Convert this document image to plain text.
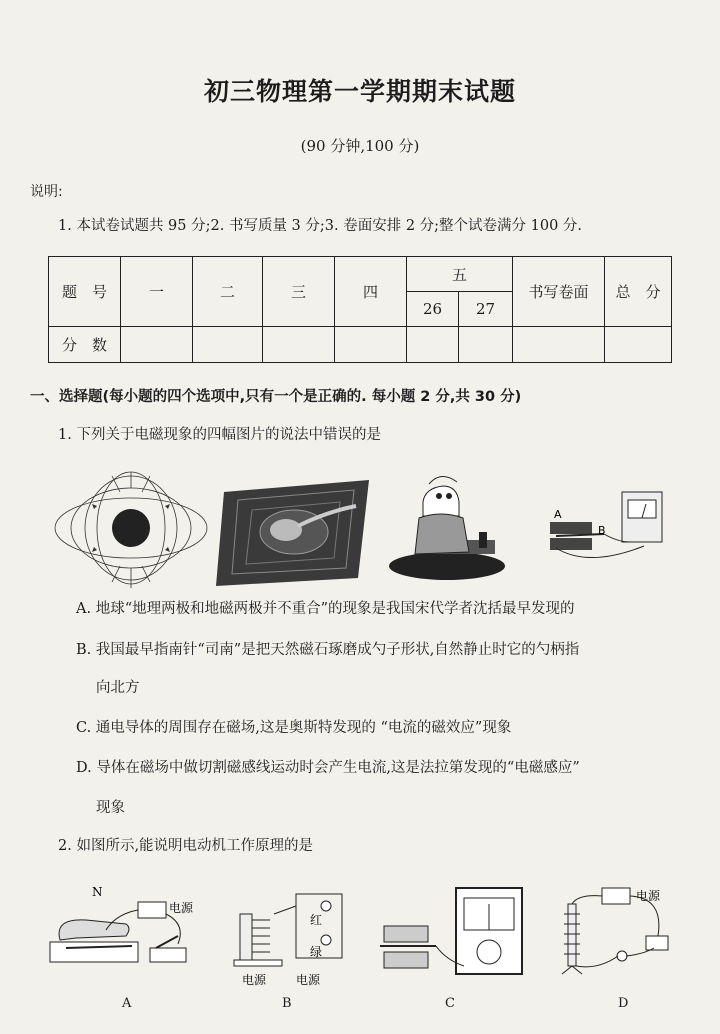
初三物理第一学期期末试题
(90 分钟,100 分)
说明:
1. 本试卷试题共 95 分;2. 书写质量 3 分;3. 卷面安排 2 分;整个试卷满分 100 分.
题　号	一	二	三	四	五		书写卷面	总　分
					26	27		
分　数								
一、选择题(每小题的四个选项中,只有一个是正确的. 每小题 2 分,共 30 分)
1. 下列关于电磁现象的四幅图片的说法中错误的是
B
A
A. 地球“地理两极和地磁两极并不重合”的现象是我国宋代学者沈括最早发现的
B. 我国最早指南针“司南”是把天然磁石琢磨成勺子形状,自然静止时它的勺柄指
向北方
C. 通电导体的周围存在磁场,这是奥斯特发现的 “电流的磁效应”现象
D. 导体在磁场中做切割磁感线运动时会产生电流,这是法拉第发现的“电磁感应”
现象
2. 如图所示,能说明电动机工作原理的是
N
电源
A
红
绿
电源 电源
B	C
电源
D
